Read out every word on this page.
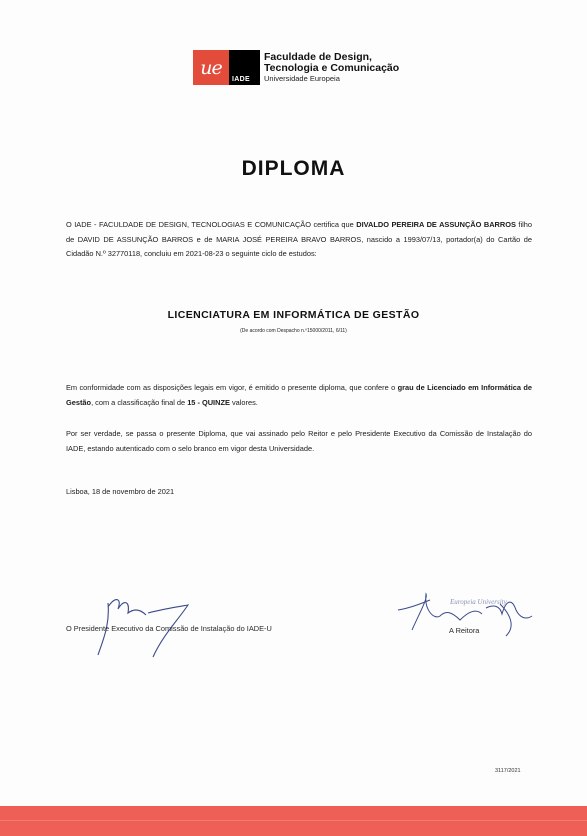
ue
IADE
Faculdade de Design,
Tecnologia e Comunicação
Universidade Europeia
DIPLOMA
O IADE - FACULDADE DE DESIGN, TECNOLOGIAS E COMUNICAÇÃO certifica que DIVALDO PEREIRA DE ASSUNÇÃO BARROS filho de DAVID DE ASSUNÇÃO BARROS e de MARIA JOSÉ PEREIRA BRAVO BARROS, nascido a 1993/07/13, portador(a) do Cartão de Cidadão N.º 32770118, concluiu em 2021-08-23 o seguinte ciclo de estudos:
LICENCIATURA EM INFORMÁTICA DE GESTÃO
(De acordo com Despacho n.º15000/2011, 6/11)
Em conformidade com as disposições legais em vigor, é emitido o presente diploma, que confere o grau de Licenciado em Informática de Gestão, com a classificação final de 15 - QUINZE valores.
Por ser verdade, se passa o presente Diploma, que vai assinado pelo Reitor e pelo Presidente Executivo da Comissão de Instalação do IADE, estando autenticado com o selo branco em vigor desta Universidade.
Lisboa, 18 de novembro de 2021
Europeia University
O Presidente Executivo da Comissão de Instalação do IADE-U	A Reitora
3117/2021
